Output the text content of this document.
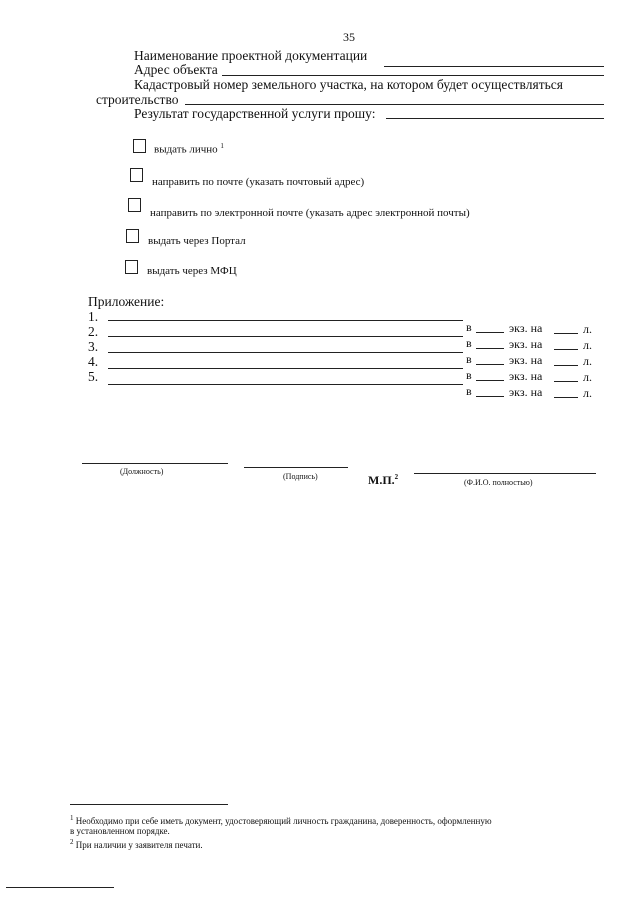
35
Наименование проектной документации
Адрес объекта
Кадастровый номер земельного участка, на котором будет осуществляться
строительство
Результат государственной услуги прошу:
выдать лично $^1$
направить по почте (указать почтовый адрес)
направить по электронной почте (указать адрес электронной почты)
выдать через Портал
выдать через МФЦ
Приложение:
1.
в	экз. на	л.
2.
в	экз. на	л.
3.
в	экз. на	л.
4.
в	экз. на	л.
5.
в	экз. на	л.
(Должность)
(Подпись)	М.П.$^2$
(Ф.И.О. полностью)
$^1$ Необходимо при себе иметь документ, удостоверяющий личность гражданина, доверенность, оформленную
в установленном порядке.
$^2$ При наличии у заявителя печати.
